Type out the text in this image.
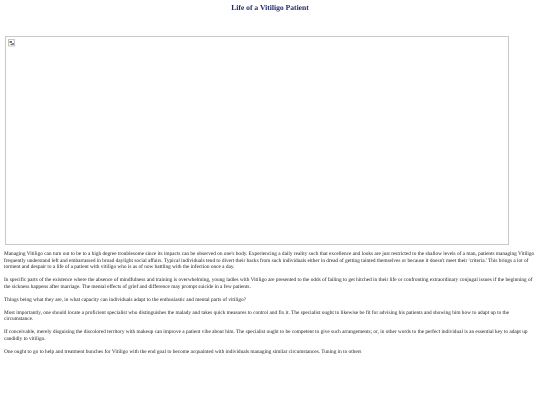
Life of a Vitiligo Patient

Managing Vitiligo can turn out to be to a high degree troublesome since its impacts can be observed on one's body. Experiencing a daily reality such that excellence and looks are just restricted to the shallow levels of a man, patients managing Vitiligo frequently understand left and embarrassed in broad daylight social affairs. Typical individuals tend to divert their backs from such individuals either in dread of getting tainted themselves or because it doesn't meet their 'criteria.' This brings a lot of torment and despair to a life of a patient with vitiligo who is as of now battling with the infection once a day.

In specific parts of the existence where the absence of mindfulness and training is overwhelming, young ladies with Vitiligo are presented to the odds of failing to get hitched in their life or confronting extraordinary conjugal issues if the beginning of the sickness happens after marriage. The mental effects of grief and difference may prompt suicide in a few patients.

Things being what they are, in what capacity can individuals adapt to the enthusiastic and mental parts of vitiligo?

Most importantly, one should locate a proficient specialist who distinguishes the malady and takes quick measures to control and fix it. The specialist ought to likewise be fit for advising his patients and showing him how to adapt up to the circumstance.

If conceivable, merely disguising the discolored territory with makeup can improve a patient vibe about him. The specialist ought to be competent to give such arrangements; or, in other words to the perfect individual is an essential key to adapt up candidly to vitiligo.

One ought to go to help and treatment bunches for Vitiligo with the end goal to become acquainted with individuals managing similar circumstances. Tuning in to others
